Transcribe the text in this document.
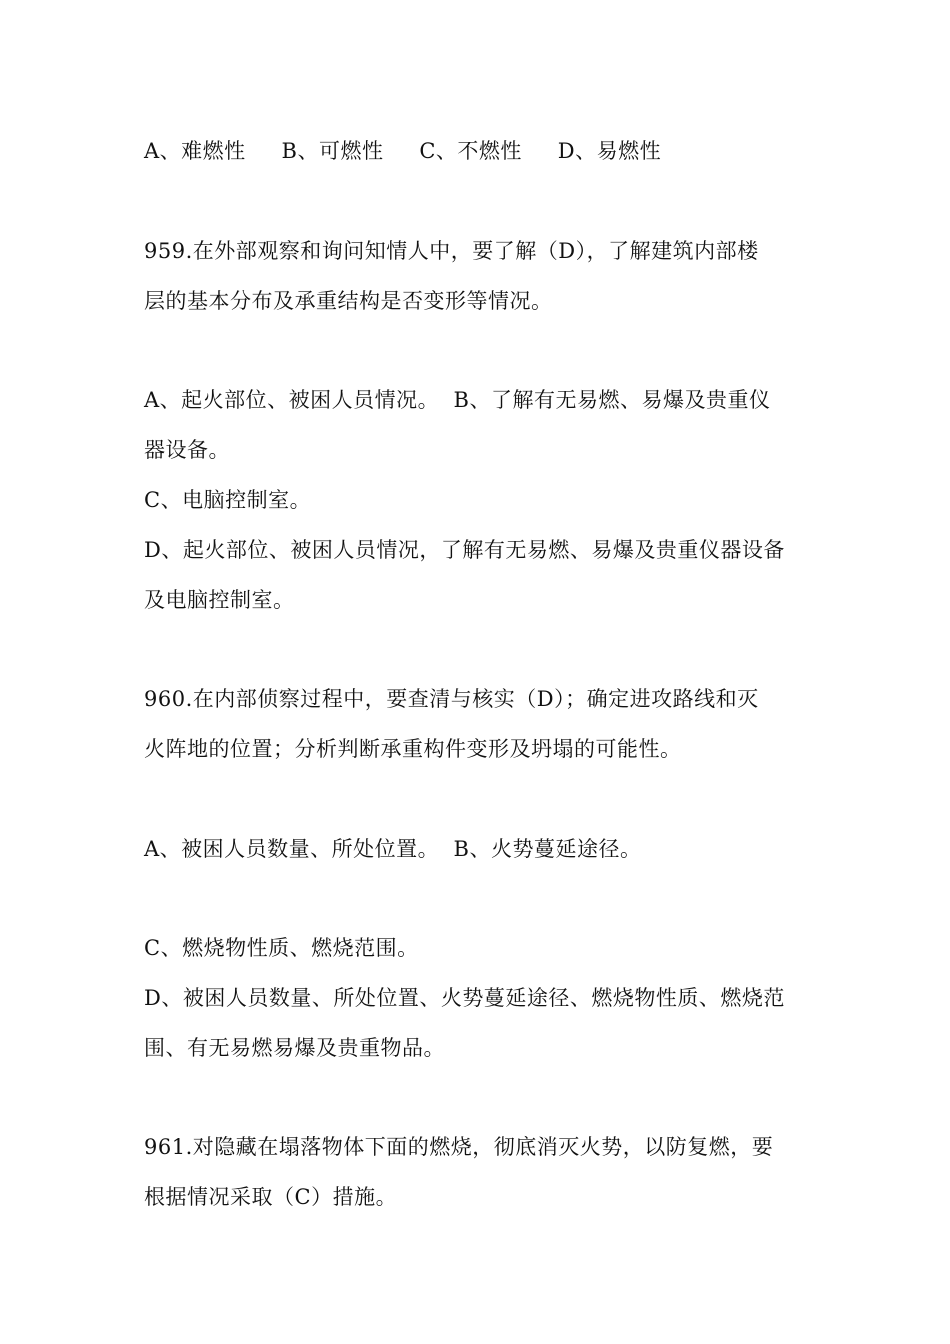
A、难燃性     B、可燃性     C、不燃性     D、易燃性
959.在外部观察和询问知情人中，要了解（D），了解建筑内部楼
层的基本分布及承重结构是否变形等情况。
A、起火部位、被困人员情况。  B、了解有无易燃、易爆及贵重仪
器设备。
C、电脑控制室。
D、起火部位、被困人员情况，了解有无易燃、易爆及贵重仪器设备
及电脑控制室。
960.在内部侦察过程中，要查清与核实（D）；确定进攻路线和灭
火阵地的位置；分析判断承重构件变形及坍塌的可能性。
A、被困人员数量、所处位置。  B、火势蔓延途径。
C、燃烧物性质、燃烧范围。
D、被困人员数量、所处位置、火势蔓延途径、燃烧物性质、燃烧范
围、有无易燃易爆及贵重物品。
961.对隐藏在塌落物体下面的燃烧，彻底消灭火势，以防复燃，要
根据情况采取（C）措施。
